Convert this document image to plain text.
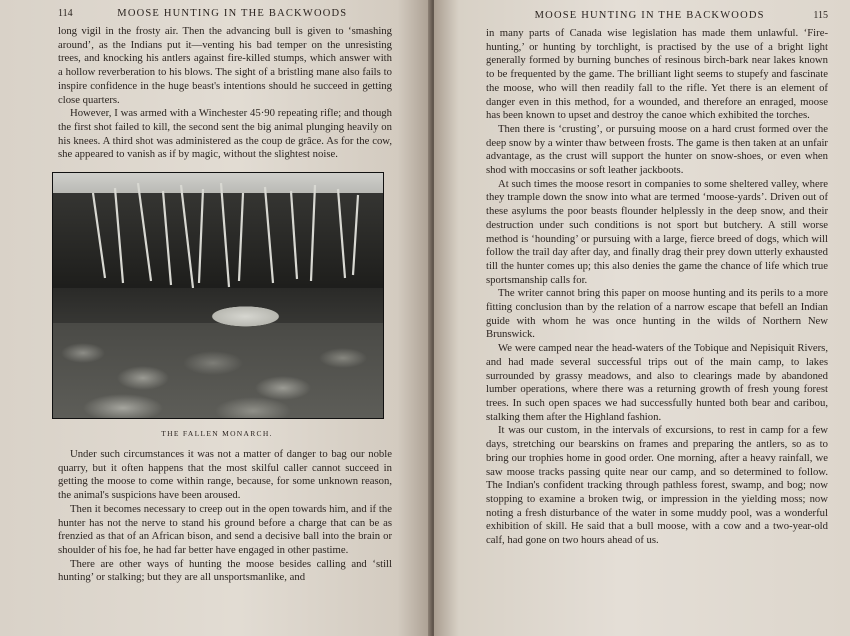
114	MOOSE HUNTING IN THE BACKWOODS

long vigil in the frosty air. Then the advancing bull is given to ‘smashing around’, as the Indians put it—venting his bad temper on the unresisting trees, and knocking his antlers against fire-killed stumps, which answer with a hollow reverberation to his blows. The sight of a bristling mane also fails to inspire confidence in the huge beast's intentions should he succeed in getting close quarters.

However, I was armed with a Winchester 45·90 repeating rifle; and though the first shot failed to kill, the second sent the big animal plunging heavily on his knees. A third shot was administered as the coup de grâce. As for the cow, she appeared to vanish as if by magic, without the slightest noise.

THE FALLEN MONARCH.

Under such circumstances it was not a matter of danger to bag our noble quarry, but it often happens that the most skilful caller cannot succeed in getting the moose to come within range, because, for some unknown reason, the animal's suspicions have been aroused.

Then it becomes necessary to creep out in the open towards him, and if the hunter has not the nerve to stand his ground before a charge that can be as frenzied as that of an African bison, and send a decisive ball into the brain or shoulder of his foe, he had far better have engaged in other pastime.

There are other ways of hunting the moose besides calling and ‘still hunting’ or stalking; but they are all unsportsmanlike, and

MOOSE HUNTING IN THE BACKWOODS	115

in many parts of Canada wise legislation has made them unlawful. ‘Fire-hunting,’ or hunting by torchlight, is practised by the use of a bright light generally formed by burning bunches of resinous birch-bark near lakes known to be frequented by the game. The brilliant light seems to stupefy and fascinate the moose, who will then readily fall to the rifle. Yet there is an element of danger even in this method, for a wounded, and therefore an enraged, moose has been known to upset and destroy the canoe which exhibited the torches.

Then there is ‘crusting’, or pursuing moose on a hard crust formed over the deep snow by a winter thaw between frosts. The game is then taken at an unfair advantage, as the crust will support the hunter on snow-shoes, or even when shod with moccasins or soft leather jackboots.

At such times the moose resort in companies to some sheltered valley, where they trample down the snow into what are termed ‘moose-yards’. Driven out of these asylums the poor beasts flounder helplessly in the deep snow, and their destruction under such conditions is not sport but butchery. A still worse method is ‘hounding’ or pursuing with a large, fierce breed of dogs, which will follow the trail day after day, and finally drag their prey down utterly exhausted till the hunter comes up; this also denies the game the chance of life which true sportsmanship calls for.

The writer cannot bring this paper on moose hunting and its perils to a more fitting conclusion than by the relation of a narrow escape that befell an Indian guide with whom he was once hunting in the wilds of Northern New Brunswick.

We were camped near the head-waters of the Tobique and Nepisiquit Rivers, and had made several successful trips out of the main camp, to lakes surrounded by grassy meadows, and also to clearings made by abandoned lumber operations, where there was a returning growth of fresh young forest trees. In such open spaces we had successfully hunted both bear and caribou, stalking them after the Highland fashion.

It was our custom, in the intervals of excursions, to rest in camp for a few days, stretching our bearskins on frames and preparing the antlers, so as to bring our trophies home in good order. One morning, after a heavy rainfall, we saw moose tracks passing quite near our camp, and so determined to follow. The Indian's confident tracking through pathless forest, swamp, and bog; now stopping to examine a broken twig, or impression in the yielding moss; now noting a fresh disturbance of the water in some muddy pool, was a wonderful exhibition of skill. He said that a bull moose, with a cow and a two-year-old calf, had gone on two hours ahead of us.
